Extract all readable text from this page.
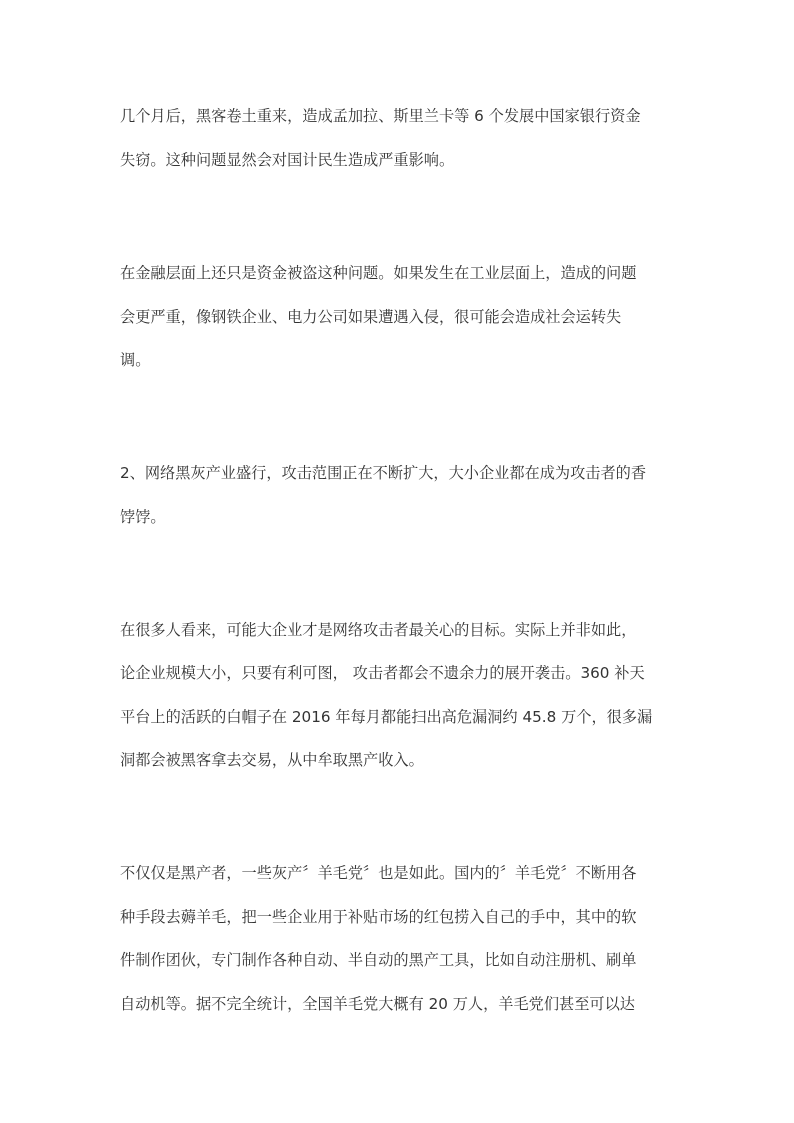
几个月后，黑客卷土重来，造成孟加拉、斯里兰卡等 6 个发展中国家银行资金
失窃。这种问题显然会对国计民生造成严重影响。
在金融层面上还只是资金被盗这种问题。如果发生在工业层面上，造成的问题
会更严重，像钢铁企业、电力公司如果遭遇入侵，很可能会造成社会运转失
调。
2、网络黑灰产业盛行，攻击范围正在不断扩大，大小企业都在成为攻击者的香
饽饽。
在很多人看来，可能大企业才是网络攻击者最关心的目标。实际上并非如此，
论企业规模大小，只要有利可图， 攻击者都会不遗余力的展开袭击。360 补天
平台上的活跃的白帽子在 2016 年每月都能扫出高危漏洞约 45.8 万个，很多漏
洞都会被黑客拿去交易，从中牟取黑产收入。
不仅仅是黑产者，一些灰产〞羊毛党〞也是如此。国内的〞羊毛党〞不断用各
种手段去薅羊毛，把一些企业用于补贴市场的红包捞入自己的手中，其中的软
件制作团伙，专门制作各种自动、半自动的黑产工具，比如自动注册机、刷单
自动机等。据不完全统计，全国羊毛党大概有 20 万人，羊毛党们甚至可以达
